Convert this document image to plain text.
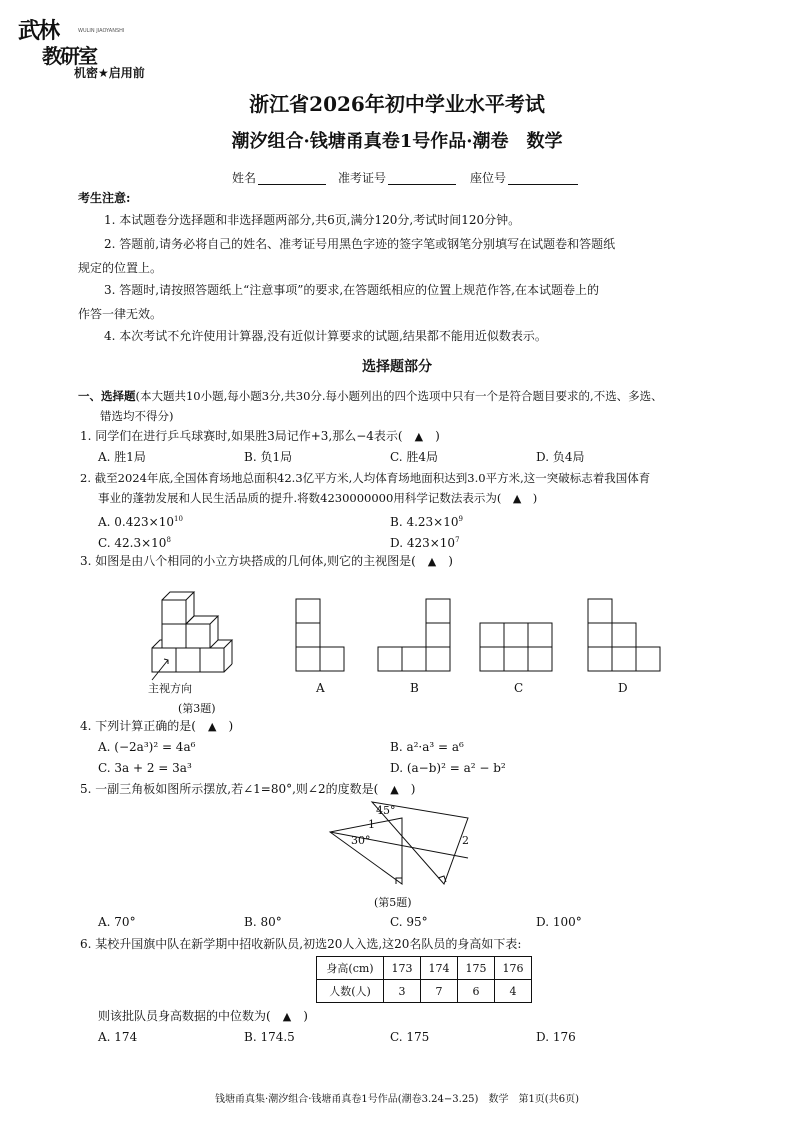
武林
教研室
WULIN JIAOYANSHI
机密★启用前
浙江省2026年初中学业水平考试
潮汐组合·钱塘甬真卷1号作品·潮卷　数学
姓名	准考证号	座位号
考生注意:
1. 本试题卷分选择题和非选择题两部分,共6页,满分120分,考试时间120分钟。
2. 答题前,请务必将自己的姓名、准考证号用黑色字迹的签字笔或钢笔分别填写在试题卷和答题纸
规定的位置上。
3. 答题时,请按照答题纸上“注意事项”的要求,在答题纸相应的位置上规范作答,在本试题卷上的
作答一律无效。
4. 本次考试不允许使用计算器,没有近似计算要求的试题,结果都不能用近似数表示。
选择题部分
一、选择题(本大题共10小题,每小题3分,共30分.每小题列出的四个选项中只有一个是符合题目要求的,不选、多选、
错选均不得分)
1. 同学们在进行乒乓球赛时,如果胜3局记作+3,那么−4表示(　 ▲　 )
A. 胜1局	B. 负1局	C. 胜4局	D. 负4局
2. 截至2024年底,全国体育场地总面积42.3亿平方米,人均体育场地面积达到3.0平方米,这一突破标志着我国体育
事业的蓬勃发展和人民生活品质的提升.将数4230000000用科学记数法表示为(　 ▲　 )
A. $0.423\times 10^{10}$	B. $4.23\times 10^9$
C. $42.3\times 10^8$	D. $423\times 10^7$
3. 如图是由八个相同的小立方块搭成的几何体,则它的主视图是(　 ▲　 )
主视方向	A	B	C	D
(第3题)
4. 下列计算正确的是(　 ▲　 )
A. (−2a³)² = 4a⁶	B. a²·a³ = a⁶
C. 3a + 2 = 3a³	D. (a−b)² = a² − b²
5. 一副三角板如图所示摆放,若∠1=80°,则∠2的度数是(　 ▲　 )
45°
1
30°	2
(第5题)
A. 70°	B. 80°	C. 95°	D. 100°
6. 某校升国旗中队在新学期中招收新队员,初选20人入选,这20名队员的身高如下表:
身高(cm)	173	174	175	176
人数(人)	3	7	6	4
则该批队员身高数据的中位数为(　 ▲　 )
A. 174	B. 174.5	C. 175	D. 176
钱塘甬真集·潮汐组合·钱塘甬真卷1号作品(潮卷3.24−3.25)　数学　第1页(共6页)
